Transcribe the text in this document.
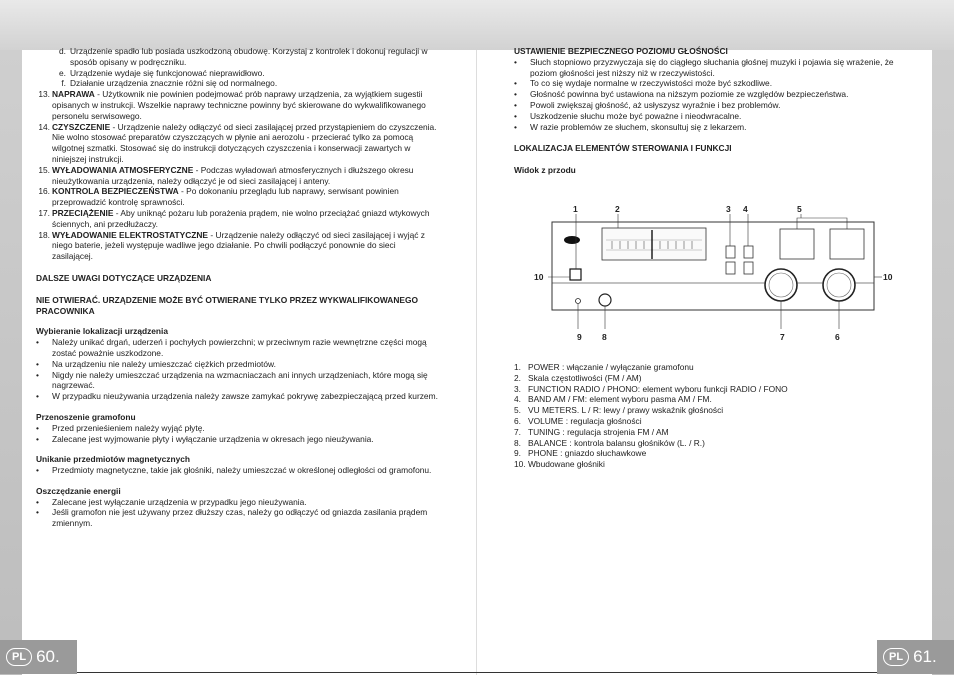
d. Urządzenie spadło lub posiada uszkodzoną obudowę. Korzystaj z kontrolek i dokonuj regulacji w sposób opisany w podręczniku.
e. Urządzenie wydaje się funkcjonować nieprawidłowo.
f. Działanie urządzenia znacznie różni się od normalnego.
13. NAPRAWA - Użytkownik nie powinien podejmować prób naprawy urządzenia, za wyjątkiem sugestii opisanych w instrukcji. Wszelkie naprawy techniczne powinny być skierowane do wykwalifikowanego personelu serwisowego.
14. CZYSZCZENIE - Urządzenie należy odłączyć od sieci zasilającej przed przystąpieniem do czyszczenia. Nie wolno stosować preparatów czyszczących w płynie ani aerozolu - przecierać tylko za pomocą wilgotnej szmatki. Stosować się do instrukcji dotyczących czyszczenia i konserwacji zawartych w niniejszej instrukcji.
15. WYŁADOWANIA ATMOSFERYCZNE - Podczas wyładowań atmosferycznych i dłuższego okresu nieużytkowania urządzenia, należy odłączyć je od sieci zasilającej i anteny.
16. KONTROLA BEZPIECZEŃSTWA - Po dokonaniu przeglądu lub naprawy, serwisant powinien przeprowadzić kontrolę sprawności.
17. PRZECIĄŻENIE - Aby uniknąć pożaru lub porażenia prądem, nie wolno przeciążać gniazd wtykowych ściennych, ani przedłużaczy.
18. WYŁADOWANIE ELEKTROSTATYCZNE - Urządzenie należy odłączyć od sieci zasilającej i wyjąć z niego baterie, jeżeli występuje wadliwe jego działanie. Po chwili podłączyć ponownie do sieci zasilającej.
DALSZE UWAGI DOTYCZĄCE URZĄDZENIA
NIE OTWIERAĆ. URZĄDZENIE MOŻE BYĆ OTWIERANE TYLKO PRZEZ WYKWALIFIKOWANEGO PRACOWNIKA
Wybieranie lokalizacji urządzenia
•	Należy unikać drgań, uderzeń i pochyłych powierzchni; w przeciwnym razie wewnętrzne części mogą zostać poważnie uszkodzone.
•	Na urządzeniu nie należy umieszczać ciężkich przedmiotów.
•	Nigdy nie należy umieszczać urządzenia na wzmacniaczach ani innych urządzeniach, które mogą się nagrzewać.
•	W przypadku nieużywania urządzenia należy zawsze zamykać pokrywę zabezpieczającą przed kurzem.
Przenoszenie gramofonu
•	Przed przenieśieniem należy wyjąć płytę.
•	Zalecane jest wyjmowanie płyty i wyłączanie urządzenia w okresach jego nieużywania.
Unikanie przedmiotów magnetycznych
•	Przedmioty magnetyczne, takie jak głośniki, należy umieszczać w określonej odległości od gramofonu.
Oszczędzanie energii
•	Zalecane jest wyłączanie urządzenia w przypadku jego nieużywania.
•	Jeśli gramofon nie jest używany przez dłuższy czas, należy go odłączyć od gniazda zasilania prądem zmiennym.
USTAWIENIE BEZPIECZNEGO POZIOMU GŁOŚNOŚCI
•	Słuch stopniowo przyzwyczaja się do ciągłego słuchania głośnej muzyki i pojawia się wrażenie, że poziom głośności jest niższy niż w rzeczywistości.
•	To co się wydaje normalne w rzeczywistości może być szkodliwe.
•	Głośność powinna być ustawiona na niższym poziomie ze względów bezpieczeństwa.
•	Powoli zwiększaj głośność, aż usłyszysz wyraźnie i bez problemów.
•	Uszkodzenie słuchu może być poważne i nieodwracalne.
•	W razie problemów ze słuchem, skonsultuj się z lekarzem.
LOKALIZACJA ELEMENTÓW STEROWANIA I FUNKCJI
Widok z przodu
1	2	3 4	5
10	10
9 8	7	6
1. POWER : włączanie / wyłączanie gramofonu
2. Skala częstotliwości (FM / AM)
3. FUNCTION RADIO / PHONO: element wyboru funkcji RADIO / FONO
4. BAND AM / FM: element wyboru pasma AM / FM.
5. VU METERS. L / R: lewy / prawy wskaźnik głośności
6. VOLUME : regulacja głośności
7. TUNING : regulacja strojenia FM / AM
8. BALANCE : kontrola balansu głośników (L. / R.)
9. PHONE : gniazdo słuchawkowe
10. Wbudowane głośniki
PL 60.	PL 61.
